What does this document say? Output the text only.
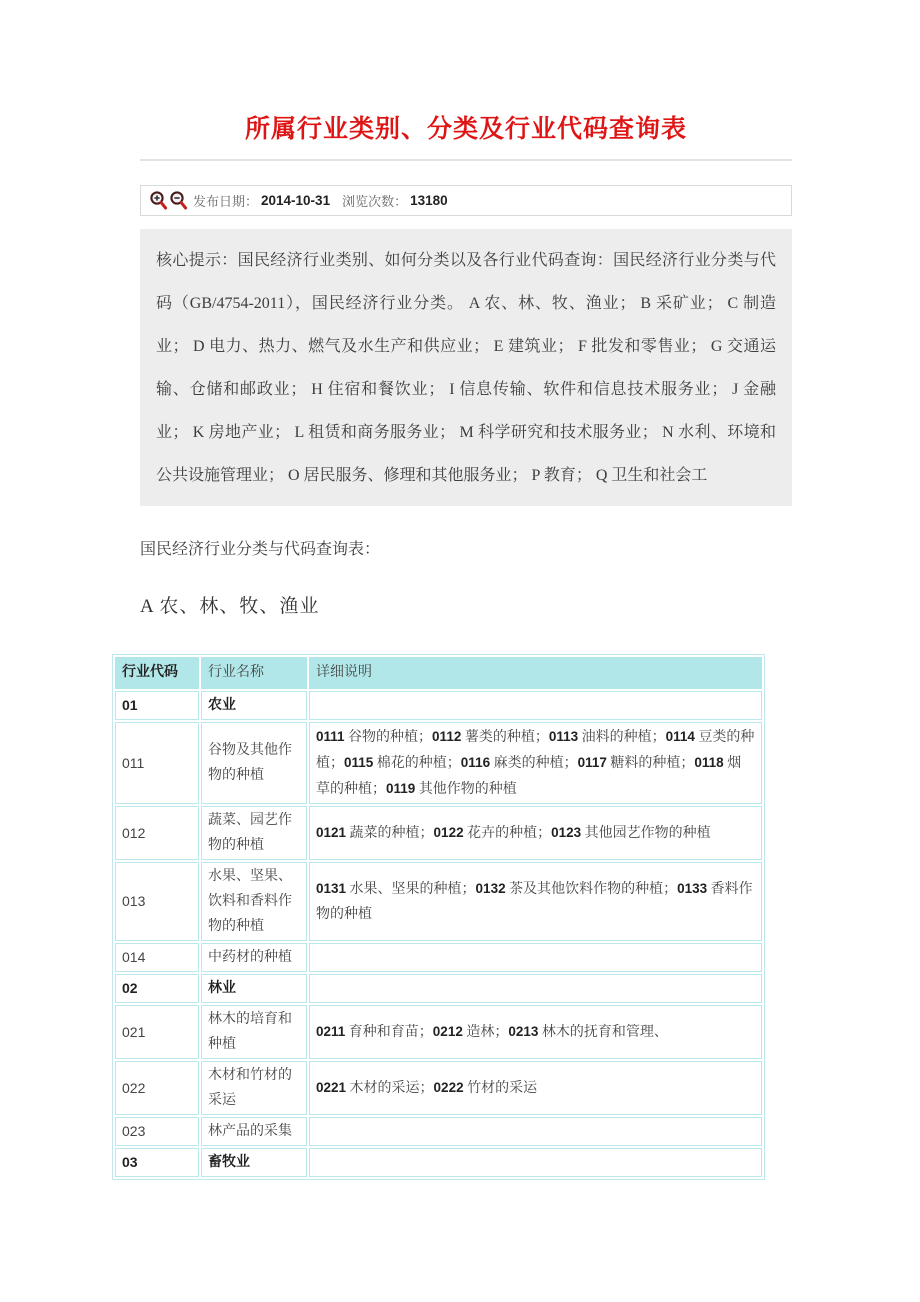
所属行业类别、分类及行业代码查询表
发布日期： 2014-10-31 浏览次数： 13180

核心提示：国民经济行业类别、如何分类以及各行业代码查询：国民经济行业分类与代码（GB/4754-2011），国民经济行业分类。 A 农、林、牧、渔业； B 采矿业； C 制造业； D 电力、热力、燃气及水生产和供应业； E 建筑业； F 批发和零售业； G 交通运输、仓储和邮政业； H 住宿和餐饮业； I 信息传输、软件和信息技术服务业； J 金融业； K 房地产业； L 租赁和商务服务业； M 科学研究和技术服务业； N 水利、环境和公共设施管理业； O 居民服务、修理和其他服务业； P 教育； Q 卫生和社会工

国民经济行业分类与代码查询表：

A 农、林、牧、渔业
行业代码	行业名称	详细说明
01	农业	
011	谷物及其他作物的种植	0111 谷物的种植；0112 薯类的种植；0113 油料的种植；0114 豆类的种植；0115 棉花的种植；0116 麻类的种植；0117 糖料的种植；0118 烟草的种植；0119 其他作物的种植
012	蔬菜、园艺作物的种植	0121 蔬菜的种植；0122 花卉的种植；0123 其他园艺作物的种植
013	水果、坚果、饮料和香料作物的种植	0131 水果、坚果的种植；0132 茶及其他饮料作物的种植；0133 香料作物的种植
014	中药材的种植	
02	林业	
021	林木的培育和种植	0211 育种和育苗；0212 造林；0213 林木的抚育和管理、
022	木材和竹材的采运	0221 木材的采运；0222 竹材的采运
023	林产品的采集	
03	畜牧业	
